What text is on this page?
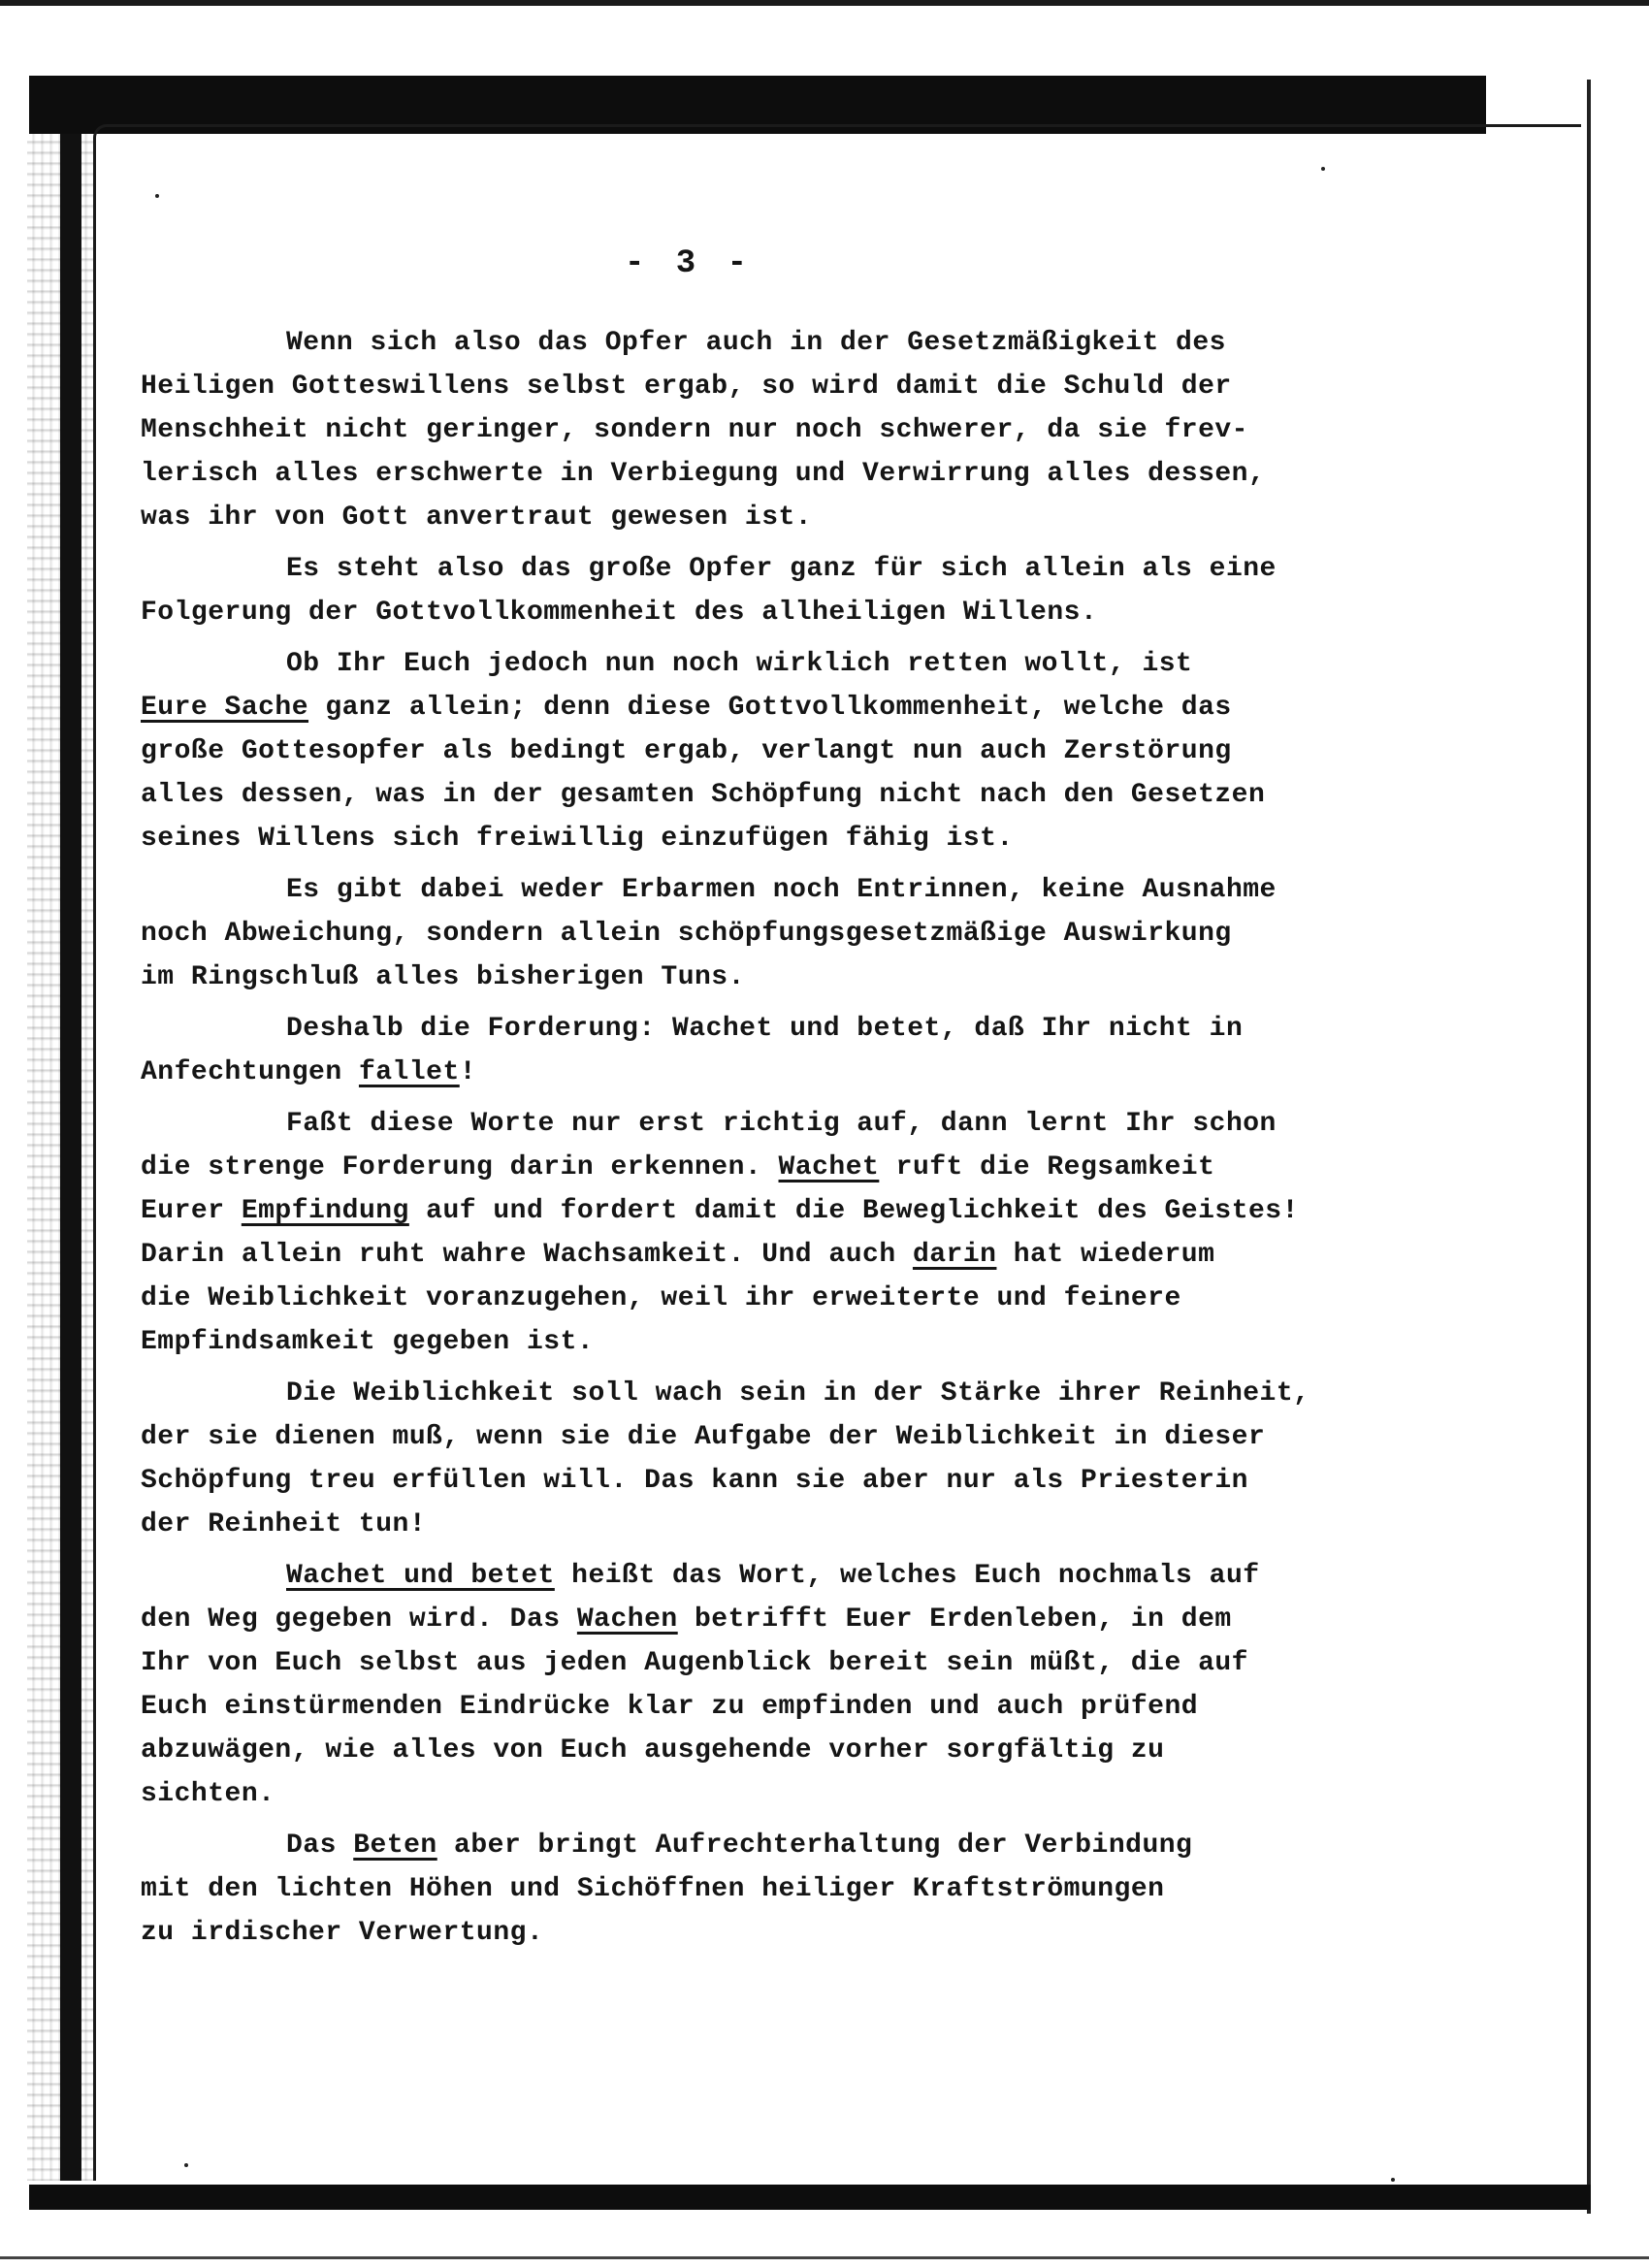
- 3 -
Wenn sich also das Opfer auch in der Gesetzmäßigkeit des
Heiligen Gotteswillens selbst ergab, so wird damit die Schuld der
Menschheit nicht geringer, sondern nur noch schwerer, da sie frev-
lerisch alles erschwerte in Verbiegung und Verwirrung alles dessen,
was ihr von Gott anvertraut gewesen ist.
Es steht also das große Opfer ganz für sich allein als eine
Folgerung der Gottvollkommenheit des allheiligen Willens.
Ob Ihr Euch jedoch nun noch wirklich retten wollt, ist
Eure Sache ganz allein; denn diese Gottvollkommenheit, welche das
große Gottesopfer als bedingt ergab, verlangt nun auch Zerstörung
alles dessen, was in der gesamten Schöpfung nicht nach den Gesetzen
seines Willens sich freiwillig einzufügen fähig ist.
Es gibt dabei weder Erbarmen noch Entrinnen, keine Ausnahme
noch Abweichung, sondern allein schöpfungsgesetzmäßige Auswirkung
im Ringschluß alles bisherigen Tuns.
Deshalb die Forderung: Wachet und betet, daß Ihr nicht in
Anfechtungen fallet!
Faßt diese Worte nur erst richtig auf, dann lernt Ihr schon
die strenge Forderung darin erkennen. Wachet ruft die Regsamkeit
Eurer Empfindung auf und fordert damit die Beweglichkeit des Geistes!
Darin allein ruht wahre Wachsamkeit. Und auch darin hat wiederum
die Weiblichkeit voranzugehen, weil ihr erweiterte und feinere
Empfindsamkeit gegeben ist.
Die Weiblichkeit soll wach sein in der Stärke ihrer Reinheit,
der sie dienen muß, wenn sie die Aufgabe der Weiblichkeit in dieser
Schöpfung treu erfüllen will. Das kann sie aber nur als Priesterin
der Reinheit tun!
Wachet und betet heißt das Wort, welches Euch nochmals auf
den Weg gegeben wird. Das Wachen betrifft Euer Erdenleben, in dem
Ihr von Euch selbst aus jeden Augenblick bereit sein müßt, die auf
Euch einstürmenden Eindrücke klar zu empfinden und auch prüfend
abzuwägen, wie alles von Euch ausgehende vorher sorgfältig zu
sichten.
Das Beten aber bringt Aufrechterhaltung der Verbindung
mit den lichten Höhen und Sichöffnen heiliger Kraftströmungen
zu irdischer Verwertung.
